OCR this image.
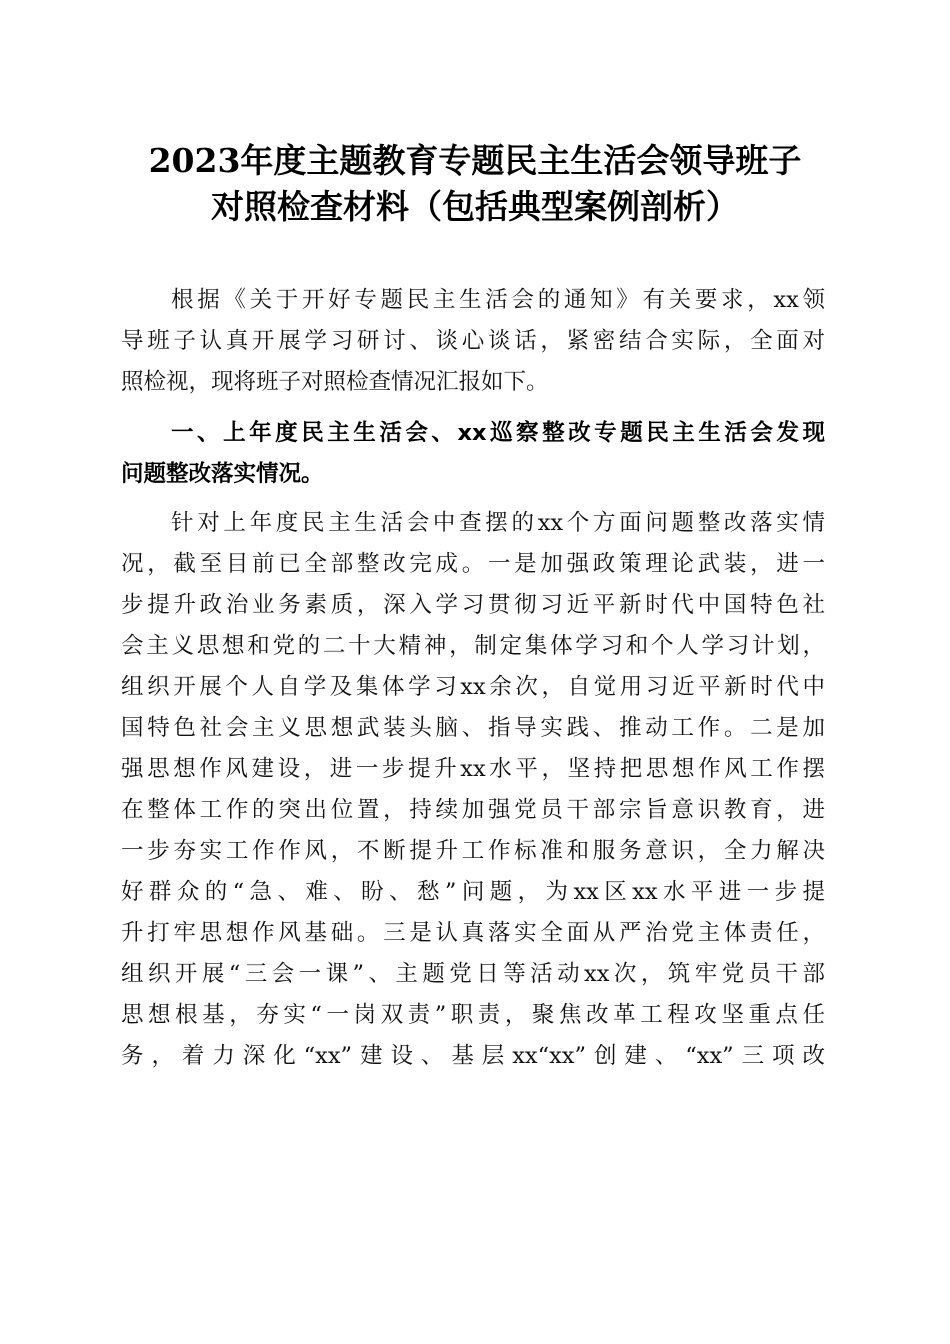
2023年度主题教育专题民主生活会领导班子
对照检查材料（包括典型案例剖析）
根据《关于开好专题民主生活会的通知》有关要求，xx领
导班子认真开展学习研讨、谈心谈话，紧密结合实际，全面对
照检视，现将班子对照检查情况汇报如下。
一、上年度民主生活会、xx巡察整改专题民主生活会发现
问题整改落实情况。
针对上年度民主生活会中查摆的xx个方面问题整改落实情
况，截至目前已全部整改完成。一是加强政策理论武装，进一
步提升政治业务素质，深入学习贯彻习近平新时代中国特色社
会主义思想和党的二十大精神，制定集体学习和个人学习计划，
组织开展个人自学及集体学习xx余次，自觉用习近平新时代中
国特色社会主义思想武装头脑、指导实践、推动工作。二是加
强思想作风建设，进一步提升xx水平，坚持把思想作风工作摆
在整体工作的突出位置，持续加强党员干部宗旨意识教育，进
一步夯实工作作风，不断提升工作标准和服务意识，全力解决
好群众的“急、难、盼、愁”问题，为xx区xx水平进一步提
升打牢思想作风基础。三是认真落实全面从严治党主体责任，
组织开展“三会一课”、主题党日等活动xx次，筑牢党员干部
思想根基，夯实“一岗双责”职责，聚焦改革工程攻坚重点任
务，着力深化“xx”建设、基层xx“xx”创建、“xx”三项改
